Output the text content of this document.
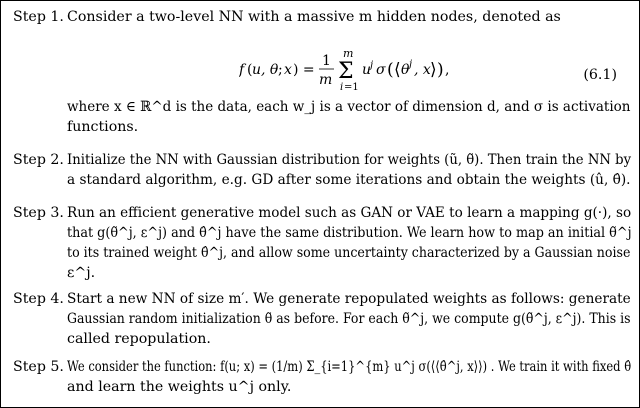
Step 1. Consider a two-level NN with a massive m hidden nodes, denoted as
f ( u, θ ; x ) =
1
m
m
Σ
i =1
u
j σ ( ⟨ θ j , x ⟩ ) ,	(6.1)
where x ∈ ℝ^d is the data, each w_j is a vector of dimension d, and σ is activation
functions.
Step 2. Initialize the NN with Gaussian distribution for weights (ũ, θ̃). Then train the NN by
a standard algorithm, e.g. GD after some iterations and obtain the weights (û, θ̂).
Step 3. Run an efficient generative model such as GAN or VAE to learn a mapping g(·), so
that g(θ̃^j, ε^j) and θ̂^j have the same distribution. We learn how to map an initial θ̃^j
to its trained weight θ̂^j, and allow some uncertainty characterized by a Gaussian noise
ε^j.
Step 4. Start a new NN of size m′. We generate repopulated weights as follows: generate
Gaussian random initialization θ̃ as before. For each θ̃^j, we compute g(θ̃^j, ε^j). This is
called repopulation.
Step 5. We consider the function: f(u; x) = (1/m) Σ_{i=1}^{m} u^j σ(⟨⟨θ̂^j, x⟩⟩) . We train it with fixed θ̂
and learn the weights u^j only.
